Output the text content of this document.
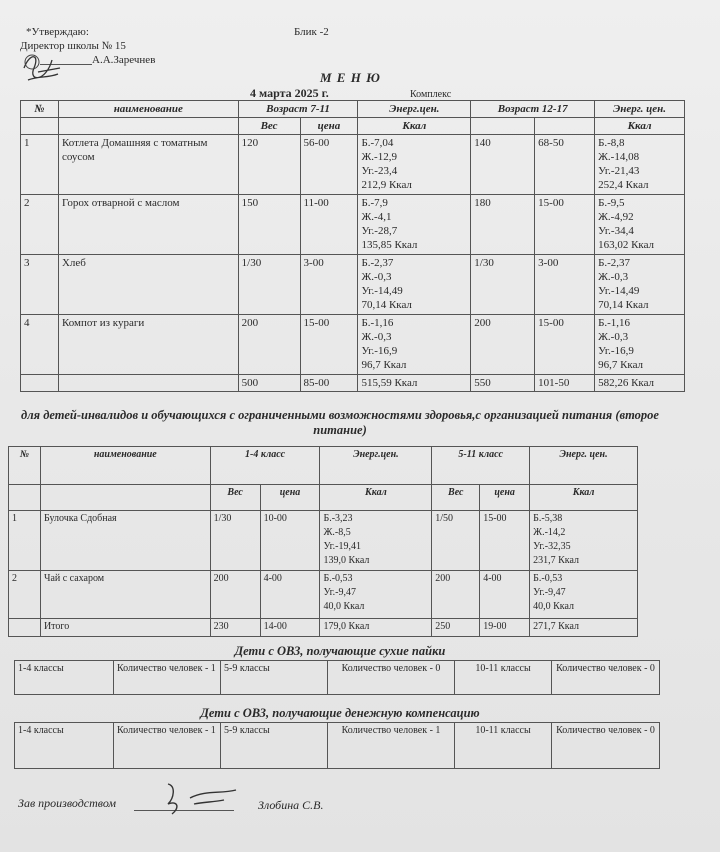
*Утверждаю:	Блик -2
Директор школы № 15
А.А.Заречнев
М Е Н Ю
4 марта 2025 г.	Комплекс
№	наименование	Возраст 7-11		Энерг.цен.	Возраст 12-17		Энерг. цен.
		Вес	цена	Ккал			Ккал
1	Котлета Домашняя с томатным соусом	120	56-00	Б.-7,04
Ж.-12,9
Уг.-23,4
212,9 Ккал	140	68-50	Б.-8,8
Ж.-14,08
Уг.-21,43
252,4 Ккал

2	Горох отварной с маслом	150	11-00	Б.-7,9
Ж.-4,1
Уг.-28,7
135,85 Ккал	180	15-00	Б.-9,5
Ж.-4,92
Уг.-34,4
163,02 Ккал

3	Хлеб	1/30	3-00	Б.-2,37
Ж.-0,3
Уг.-14,49
70,14 Ккал	1/30	3-00	Б.-2,37
Ж.-0,3
Уг.-14,49
70,14 Ккал

4	Компот из кураги	200	15-00	Б.-1,16
Ж.-0,3
Уг.-16,9
96,7 Ккал	200	15-00	Б.-1,16
Ж.-0,3
Уг.-16,9
96,7 Ккал

		500	85-00	515,59 Ккал	550	101-50	582,26 Ккал
для детей-инвалидов и обучающихся с ограниченными возможностями здоровья,с организацией питания (второе питание)
№	наименование	1-4 класс		Энерг.цен.	5-11 класс		Энерг. цен.
		Вес	цена	Ккал	Вес	цена	Ккал
1	Булочка Сдобная	1/30	10-00	Б.-3,23
Ж.-8,5
Уг.-19,41
139,0 Ккал	1/50	15-00	Б.-5,38
Ж.-14,2
Уг.-32,35
231,7 Ккал

2	Чай с сахаром	200	4-00	Б.-0,53
Уг.-9,47
40,0 Ккал	200	4-00	Б.-0,53
Уг.-9,47
40,0 Ккал

	Итого	230	14-00	179,0 Ккал	250	19-00	271,7 Ккал
Дети с ОВЗ, получающие сухие пайки
1-4 классы	Количество человек - 1	5-9 классы	Количество человек - 0	10-11 классы	Количество человек - 0
Дети с ОВЗ, получающие денежную компенсацию
1-4 классы	Количество человек - 1	5-9 классы	Количество человек - 1	10-11 классы	Количество человек - 0
Зав производством	Злобина С.В.
